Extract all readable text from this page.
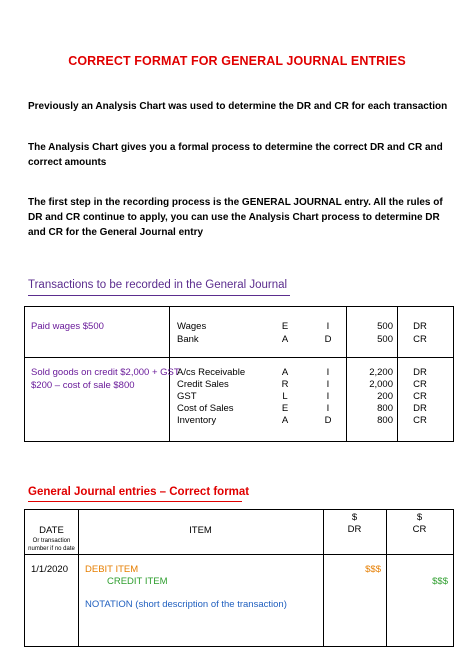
CORRECT FORMAT FOR GENERAL JOURNAL ENTRIES
Previously an Analysis Chart was used to determine the DR and CR for each transaction
The Analysis Chart gives you a formal process to determine the correct DR and CR and correct amounts
The first step in the recording process is the GENERAL JOURNAL entry. All the rules of DR and CR continue to apply, you can use the Analysis Chart process to determine DR and CR for the General Journal entry
Transactions to be recorded in the General Journal
Paid wages $500	Wages
Bank
E
A
I
D
500
500
DR
CR
Sold goods on credit $2,000 + GST
$200 – cost of sale $800
A/cs Receivable
Credit Sales
GST
Cost of Sales
Inventory
A
R
L
E
A
I
I
I
I
D
2,200
2,000
200
800
800
DR
CR
CR
DR
CR
General Journal entries – Correct format
DATE
Or transaction
number if no date
ITEM
$
DR
$
CR
1/1/2020 DEBIT ITEM
CREDIT ITEM
NOTATION (short description of the transaction)
$$$
$$$
